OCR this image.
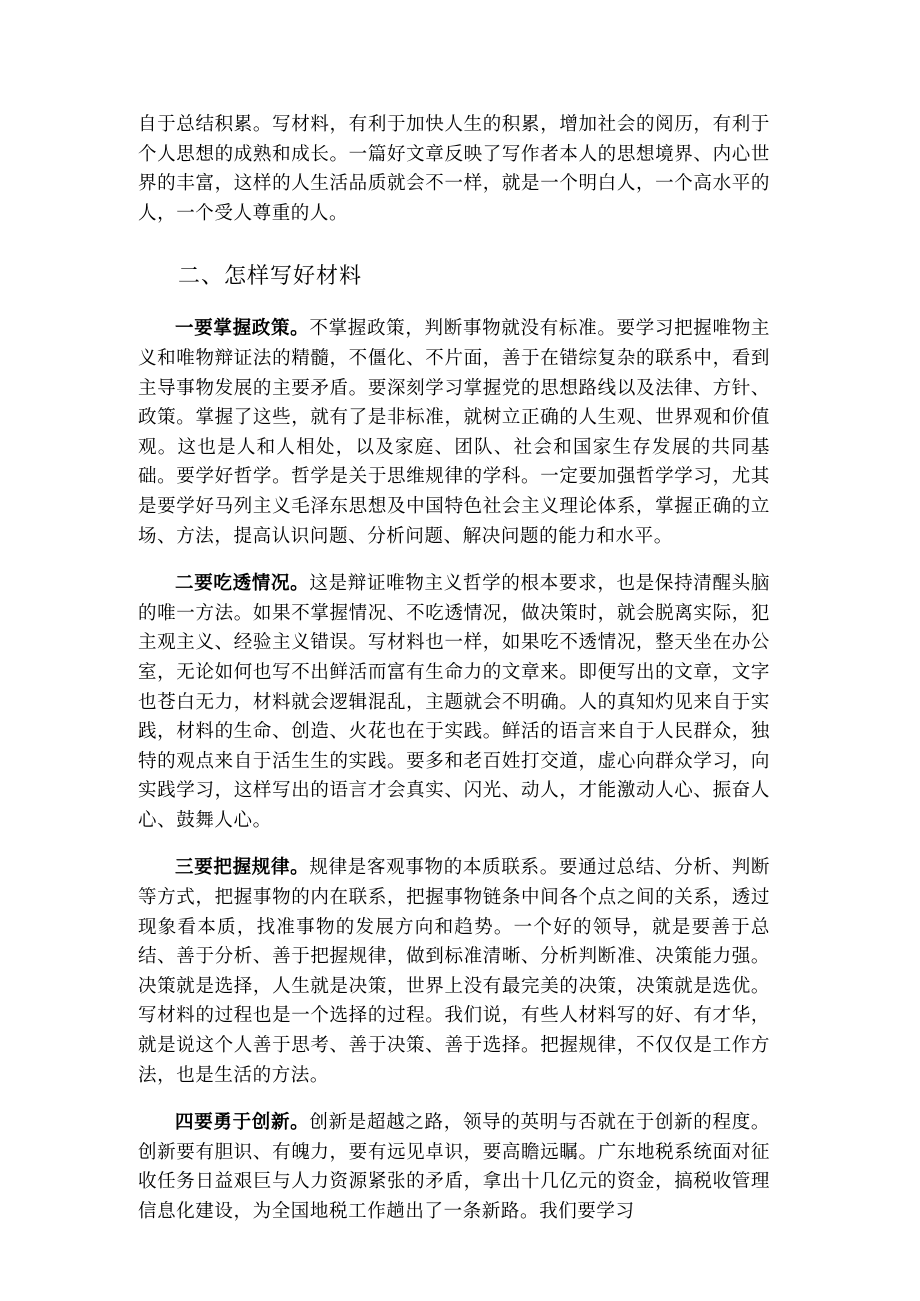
自于总结积累。写材料，有利于加快人生的积累，增加社会的阅历，有利于个人思想的成熟和成长。一篇好文章反映了写作者本人的思想境界、内心世界的丰富，这样的人生活品质就会不一样，就是一个明白人，一个高水平的人，一个受人尊重的人。

二、怎样写好材料

一要掌握政策。不掌握政策，判断事物就没有标准。要学习把握唯物主义和唯物辩证法的精髓，不僵化、不片面，善于在错综复杂的联系中，看到主导事物发展的主要矛盾。要深刻学习掌握党的思想路线以及法律、方针、政策。掌握了这些，就有了是非标准，就树立正确的人生观、世界观和价值观。这也是人和人相处，以及家庭、团队、社会和国家生存发展的共同基础。要学好哲学。哲学是关于思维规律的学科。一定要加强哲学学习，尤其是要学好马列主义毛泽东思想及中国特色社会主义理论体系，掌握正确的立场、方法，提高认识问题、分析问题、解决问题的能力和水平。

二要吃透情况。这是辩证唯物主义哲学的根本要求，也是保持清醒头脑的唯一方法。如果不掌握情况、不吃透情况，做决策时，就会脱离实际，犯主观主义、经验主义错误。写材料也一样，如果吃不透情况，整天坐在办公室，无论如何也写不出鲜活而富有生命力的文章来。即便写出的文章，文字也苍白无力，材料就会逻辑混乱，主题就会不明确。人的真知灼见来自于实践，材料的生命、创造、火花也在于实践。鲜活的语言来自于人民群众，独特的观点来自于活生生的实践。要多和老百姓打交道，虚心向群众学习，向实践学习，这样写出的语言才会真实、闪光、动人，才能激动人心、振奋人心、鼓舞人心。

三要把握规律。规律是客观事物的本质联系。要通过总结、分析、判断等方式，把握事物的内在联系，把握事物链条中间各个点之间的关系，透过现象看本质，找准事物的发展方向和趋势。一个好的领导，就是要善于总结、善于分析、善于把握规律，做到标准清晰、分析判断准、决策能力强。决策就是选择，人生就是决策，世界上没有最完美的决策，决策就是选优。写材料的过程也是一个选择的过程。我们说，有些人材料写的好、有才华，就是说这个人善于思考、善于决策、善于选择。把握规律，不仅仅是工作方法，也是生活的方法。

四要勇于创新。创新是超越之路，领导的英明与否就在于创新的程度。创新要有胆识、有魄力，要有远见卓识，要高瞻远瞩。广东地税系统面对征收任务日益艰巨与人力资源紧张的矛盾，拿出十几亿元的资金，搞税收管理信息化建设，为全国地税工作趟出了一条新路。我们要学习
